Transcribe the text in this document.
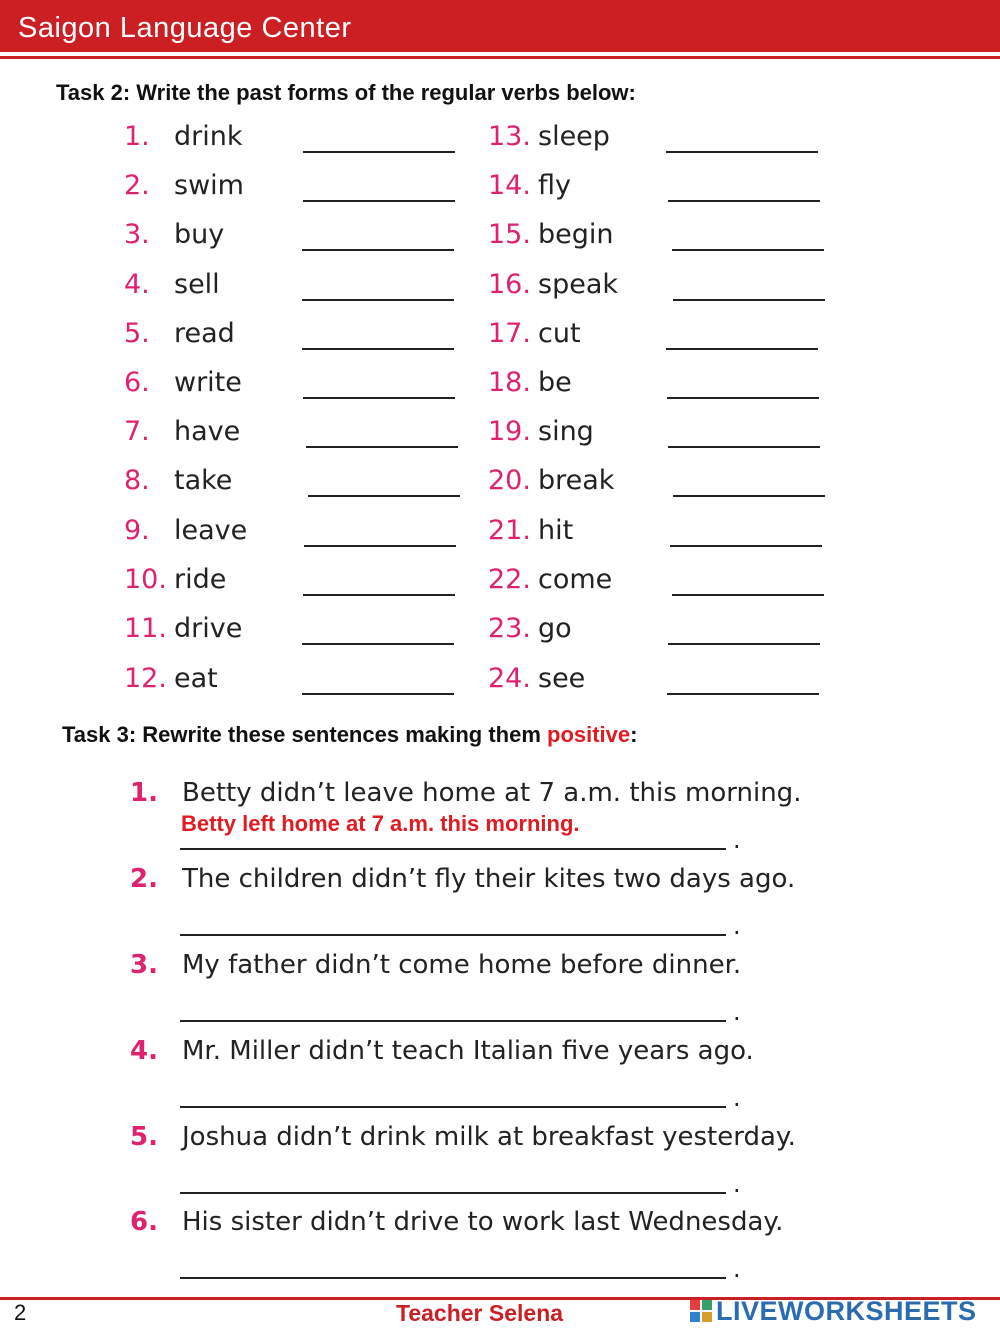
Saigon Language Center
Task 2: Write the past forms of the regular verbs below:
1. drink
2. swim
3. buy
4. sell
5. read
6. write
7. have
8. take
9. leave
10. ride
11. drive
12. eat
13. sleep
14. fly
15. begin
16. speak
17. cut
18. be
19. sing
20. break
21. hit
22. come
23. go
24. see
Task 3: Rewrite these sentences making them positive:
1. Betty didn’t leave home at 7 a.m. this morning.
Betty left home at 7 a.m. this morning.
.
2. The children didn’t fly their kites two days ago.
.
3. My father didn’t come home before dinner.
.
4. Mr. Miller didn’t teach Italian five years ago.
.
5. Joshua didn’t drink milk at breakfast yesterday.
.
6. His sister didn’t drive to work last Wednesday.
.
2	Teacher Selena	LIVEWORKSHEETS
